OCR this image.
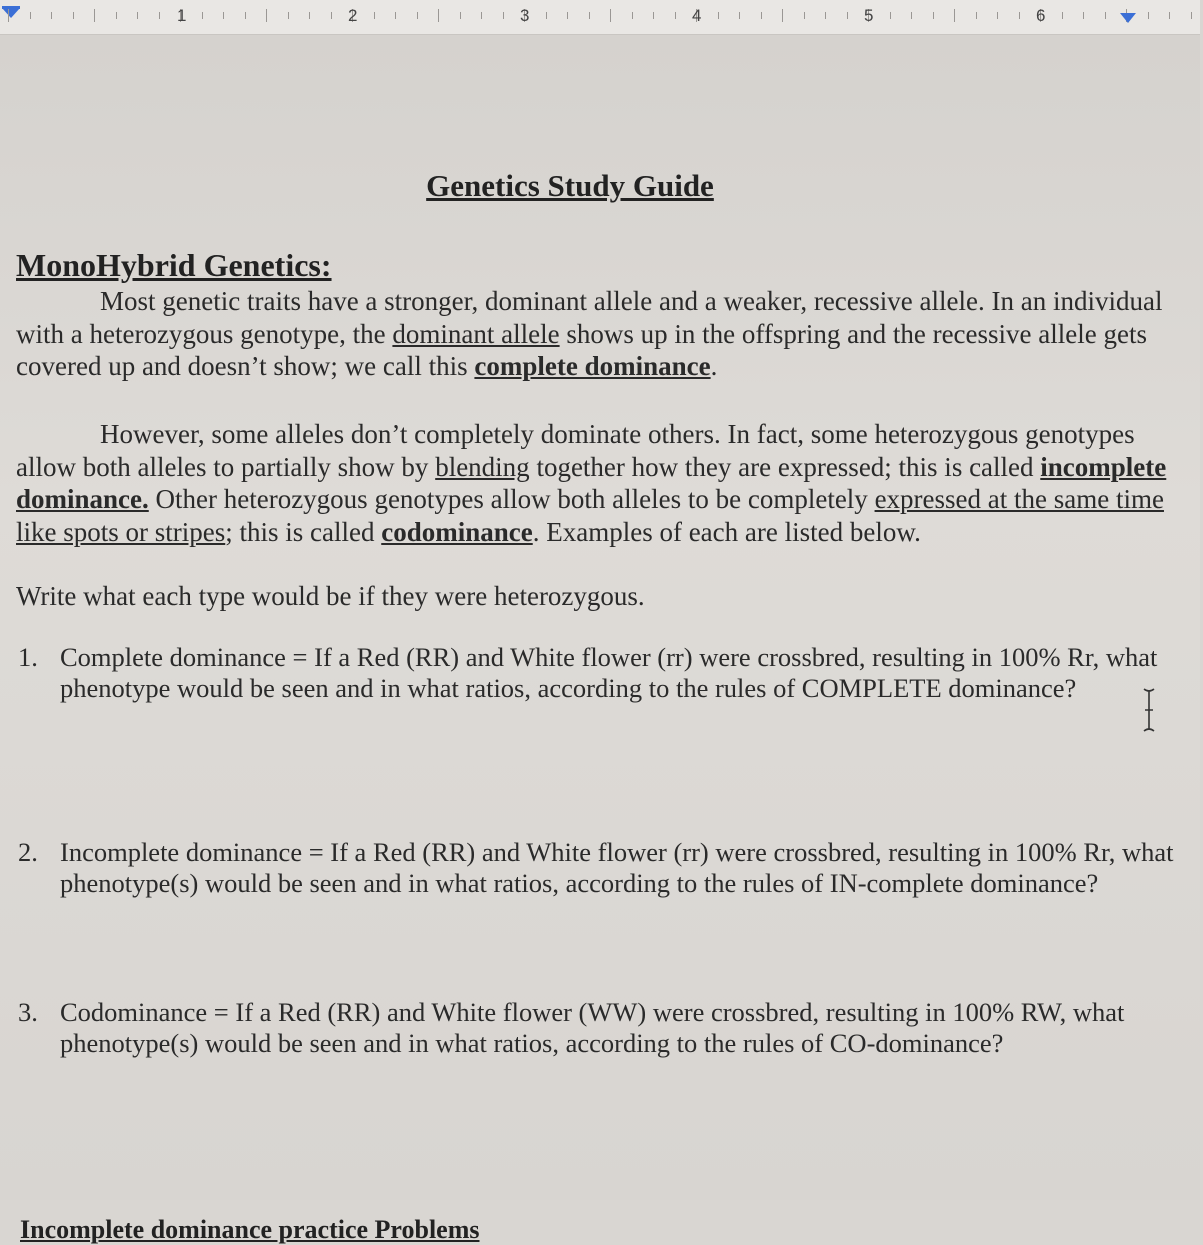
1	2	3	4	5	6
Genetics Study Guide
MonoHybrid Genetics:

Most genetic traits have a stronger, dominant allele and a weaker, recessive allele. In an individual with a heterozygous genotype, the dominant allele shows up in the offspring and the recessive allele gets covered up and doesn’t show; we call this complete dominance.

However, some alleles don’t completely dominate others. In fact, some heterozygous genotypes allow both alleles to partially show by blending together how they are expressed; this is called incomplete dominance. Other heterozygous genotypes allow both alleles to be completely expressed at the same time like spots or stripes; this is called codominance. Examples of each are listed below.

Write what each type would be if they were heterozygous.
1. Complete dominance = If a Red (RR) and White flower (rr) were crossbred, resulting in 100% Rr, what phenotype would be seen and in what ratios, according to the rules of COMPLETE dominance?
2. Incomplete dominance = If a Red (RR) and White flower (rr) were crossbred, resulting in 100% Rr, what phenotype(s) would be seen and in what ratios, according to the rules of IN-complete dominance?
3. Codominance = If a Red (RR) and White flower (WW) were crossbred, resulting in 100% RW, what        phenotype(s) would be seen and in what ratios, according to the rules of CO-dominance?
Incomplete dominance practice Problems
